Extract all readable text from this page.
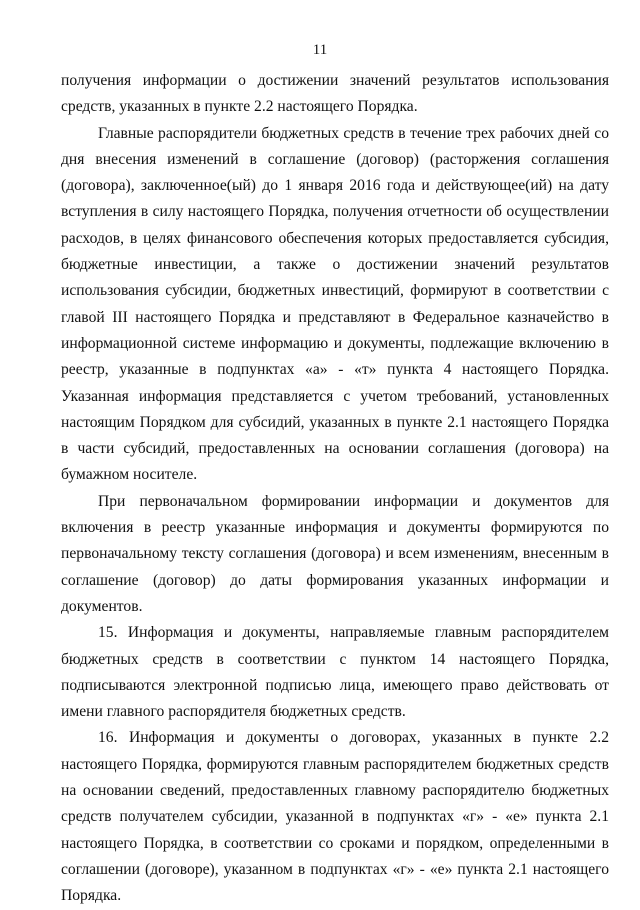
11

получения информации о достижении значений результатов использования средств, указанных в пункте 2.2 настоящего Порядка.

Главные распорядители бюджетных средств в течение трех рабочих дней со дня внесения изменений в соглашение (договор) (расторжения соглашения (договора), заключенное(ый) до 1 января 2016 года и действующее(ий) на дату вступления в силу настоящего Порядка, получения отчетности об осуществлении расходов, в целях финансового обеспечения которых предоставляется субсидия, бюджетные инвестиции, а также о достижении значений результатов использования субсидии, бюджетных инвестиций, формируют в соответствии с главой III настоящего Порядка и представляют в Федеральное казначейство в информационной системе информацию и документы, подлежащие включению в реестр, указанные в подпунктах «а» - «т» пункта 4 настоящего Порядка. Указанная информация представляется с учетом требований, установленных настоящим Порядком для субсидий, указанных в пункте 2.1 настоящего Порядка в части субсидий, предоставленных на основании соглашения (договора) на бумажном носителе.

При первоначальном формировании информации и документов для включения в реестр указанные информация и документы формируются по первоначальному тексту соглашения (договора) и всем изменениям, внесенным в соглашение (договор) до даты формирования указанных информации и документов.

15. Информация и документы, направляемые главным распорядителем бюджетных средств в соответствии с пунктом 14 настоящего Порядка, подписываются электронной подписью лица, имеющего право действовать от имени главного распорядителя бюджетных средств.

16. Информация и документы о договорах, указанных в пункте 2.2 настоящего Порядка, формируются главным распорядителем бюджетных средств на основании сведений, предоставленных главному распорядителю бюджетных средств получателем субсидии, указанной в подпунктах «г» - «е» пункта 2.1 настоящего Порядка, в соответствии со сроками и порядком, определенными в соглашении (договоре), указанном в подпунктах «г» - «е» пункта 2.1 настоящего Порядка.
